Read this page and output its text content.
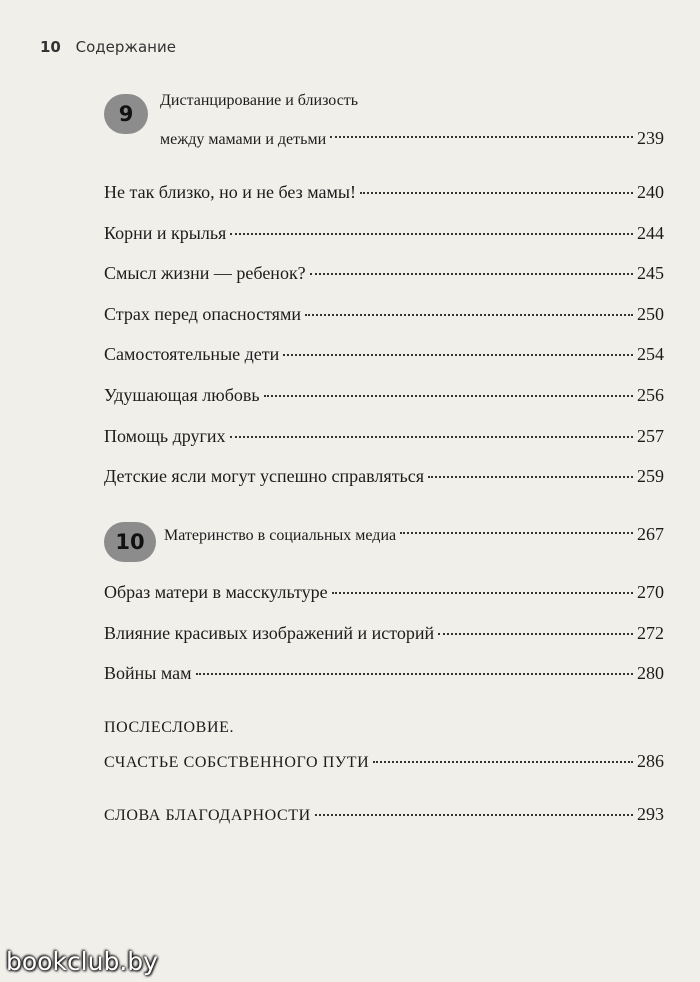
10 Содержание
9
Дистанцирование и близость
между мамами и детьми	239
Не так близко, но и не без мамы!	240
Корни и крылья	244
Смысл жизни — ребенок?	245
Страх перед опасностями	250
Самостоятельные дети	254
Удушающая любовь	256
Помощь других	257
Детские ясли могут успешно справляться	259
10 Материнство в социальных медиа	267
Образ матери в масскультуре	270
Влияние красивых изображений и историй	272
Войны мам	280
ПОСЛЕСЛОВИЕ.
СЧАСТЬЕ СОБСТВЕННОГО ПУТИ	286
СЛОВА БЛАГОДАРНОСТИ	293
bookclub.by
